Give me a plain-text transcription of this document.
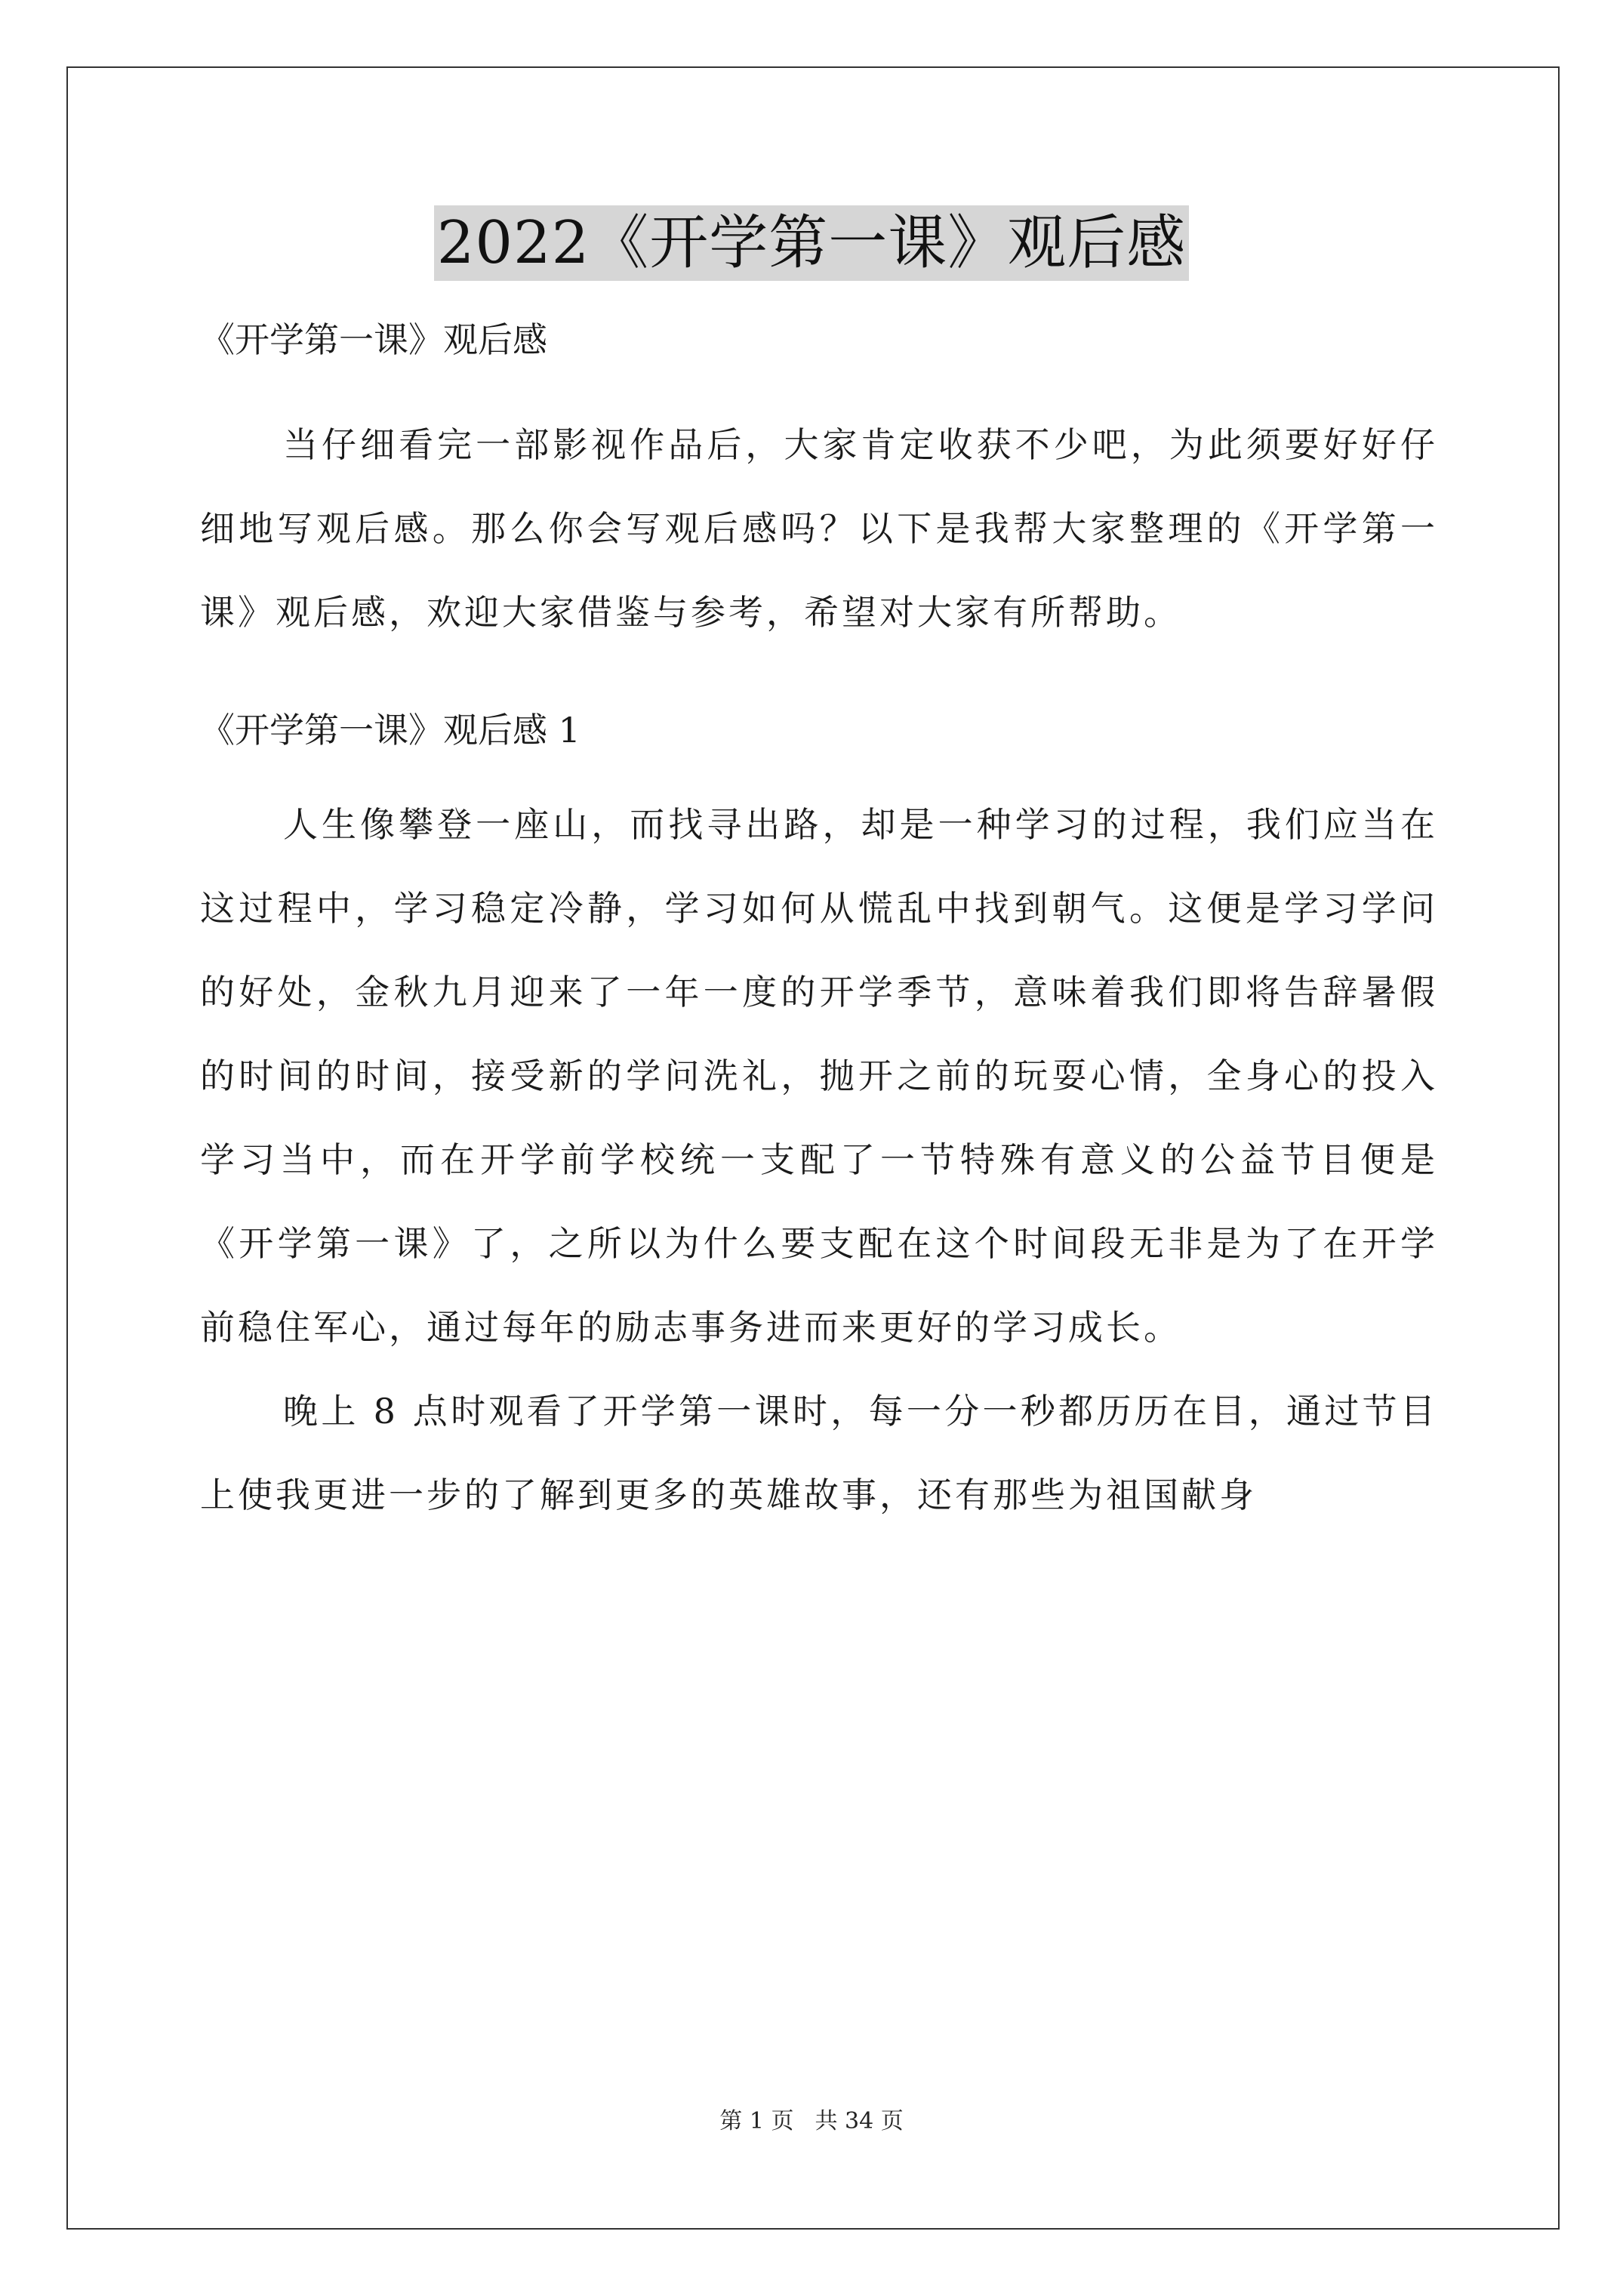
2022《开学第一课》观后感

《开学第一课》观后感

当仔细看完一部影视作品后，大家肯定收获不少吧，为此须要好好仔细地写观后感。那么你会写观后感吗？以下是我帮大家整理的《开学第一课》观后感，欢迎大家借鉴与参考，希望对大家有所帮助。

《开学第一课》观后感 1

人生像攀登一座山，而找寻出路，却是一种学习的过程，我们应当在这过程中，学习稳定冷静，学习如何从慌乱中找到朝气。这便是学习学问的好处，金秋九月迎来了一年一度的开学季节，意味着我们即将告辞暑假的时间的时间，接受新的学问洗礼，抛开之前的玩耍心情，全身心的投入学习当中，而在开学前学校统一支配了一节特殊有意义的公益节目便是《开学第一课》了，之所以为什么要支配在这个时间段无非是为了在开学前稳住军心，通过每年的励志事务进而来更好的学习成长。

晚上 8 点时观看了开学第一课时，每一分一秒都历历在目，通过节目上使我更进一步的了解到更多的英雄故事，还有那些为祖国献身

第 1 页 共 34 页
